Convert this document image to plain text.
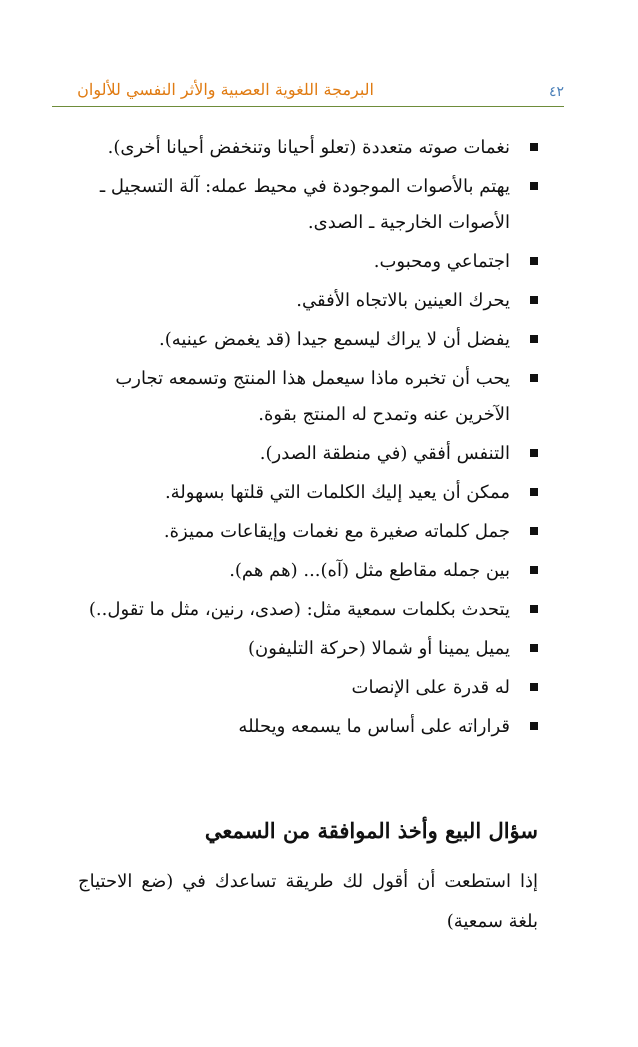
٤٢
البرمجة اللغوية العصبية والأثر النفسي للألوان
نغمات صوته متعددة (تعلو أحيانا وتنخفض أحيانا أخرى).
يهتم بالأصوات الموجودة في محيط عمله: آلة التسجيل ـ الأصوات الخارجية ـ الصدى.
اجتماعي ومحبوب.
يحرك العينين بالاتجاه الأفقي.
يفضل أن لا يراك ليسمع جيدا (قد يغمض عينيه).
يحب أن تخبره ماذا سيعمل هذا المنتج وتسمعه تجارب الآخرين عنه وتمدح له المنتج بقوة.
التنفس أفقي (في منطقة الصدر).
ممكن أن يعيد إليك الكلمات التي قلتها بسهولة.
جمل كلماته صغيرة مع نغمات وإيقاعات مميزة.
بين جمله مقاطع مثل (آه)... (هم هم).
يتحدث بكلمات سمعية مثل: (صدى، رنين، مثل ما تقول..)
يميل يمينا أو شمالا (حركة التليفون)
له قدرة على الإنصات
قراراته على أساس ما يسمعه ويحلله
سؤال البيع وأخذ الموافقة من السمعي

إذا استطعت أن أقول لك طريقة تساعدك في (ضع الاحتياج بلغة سمعية)
